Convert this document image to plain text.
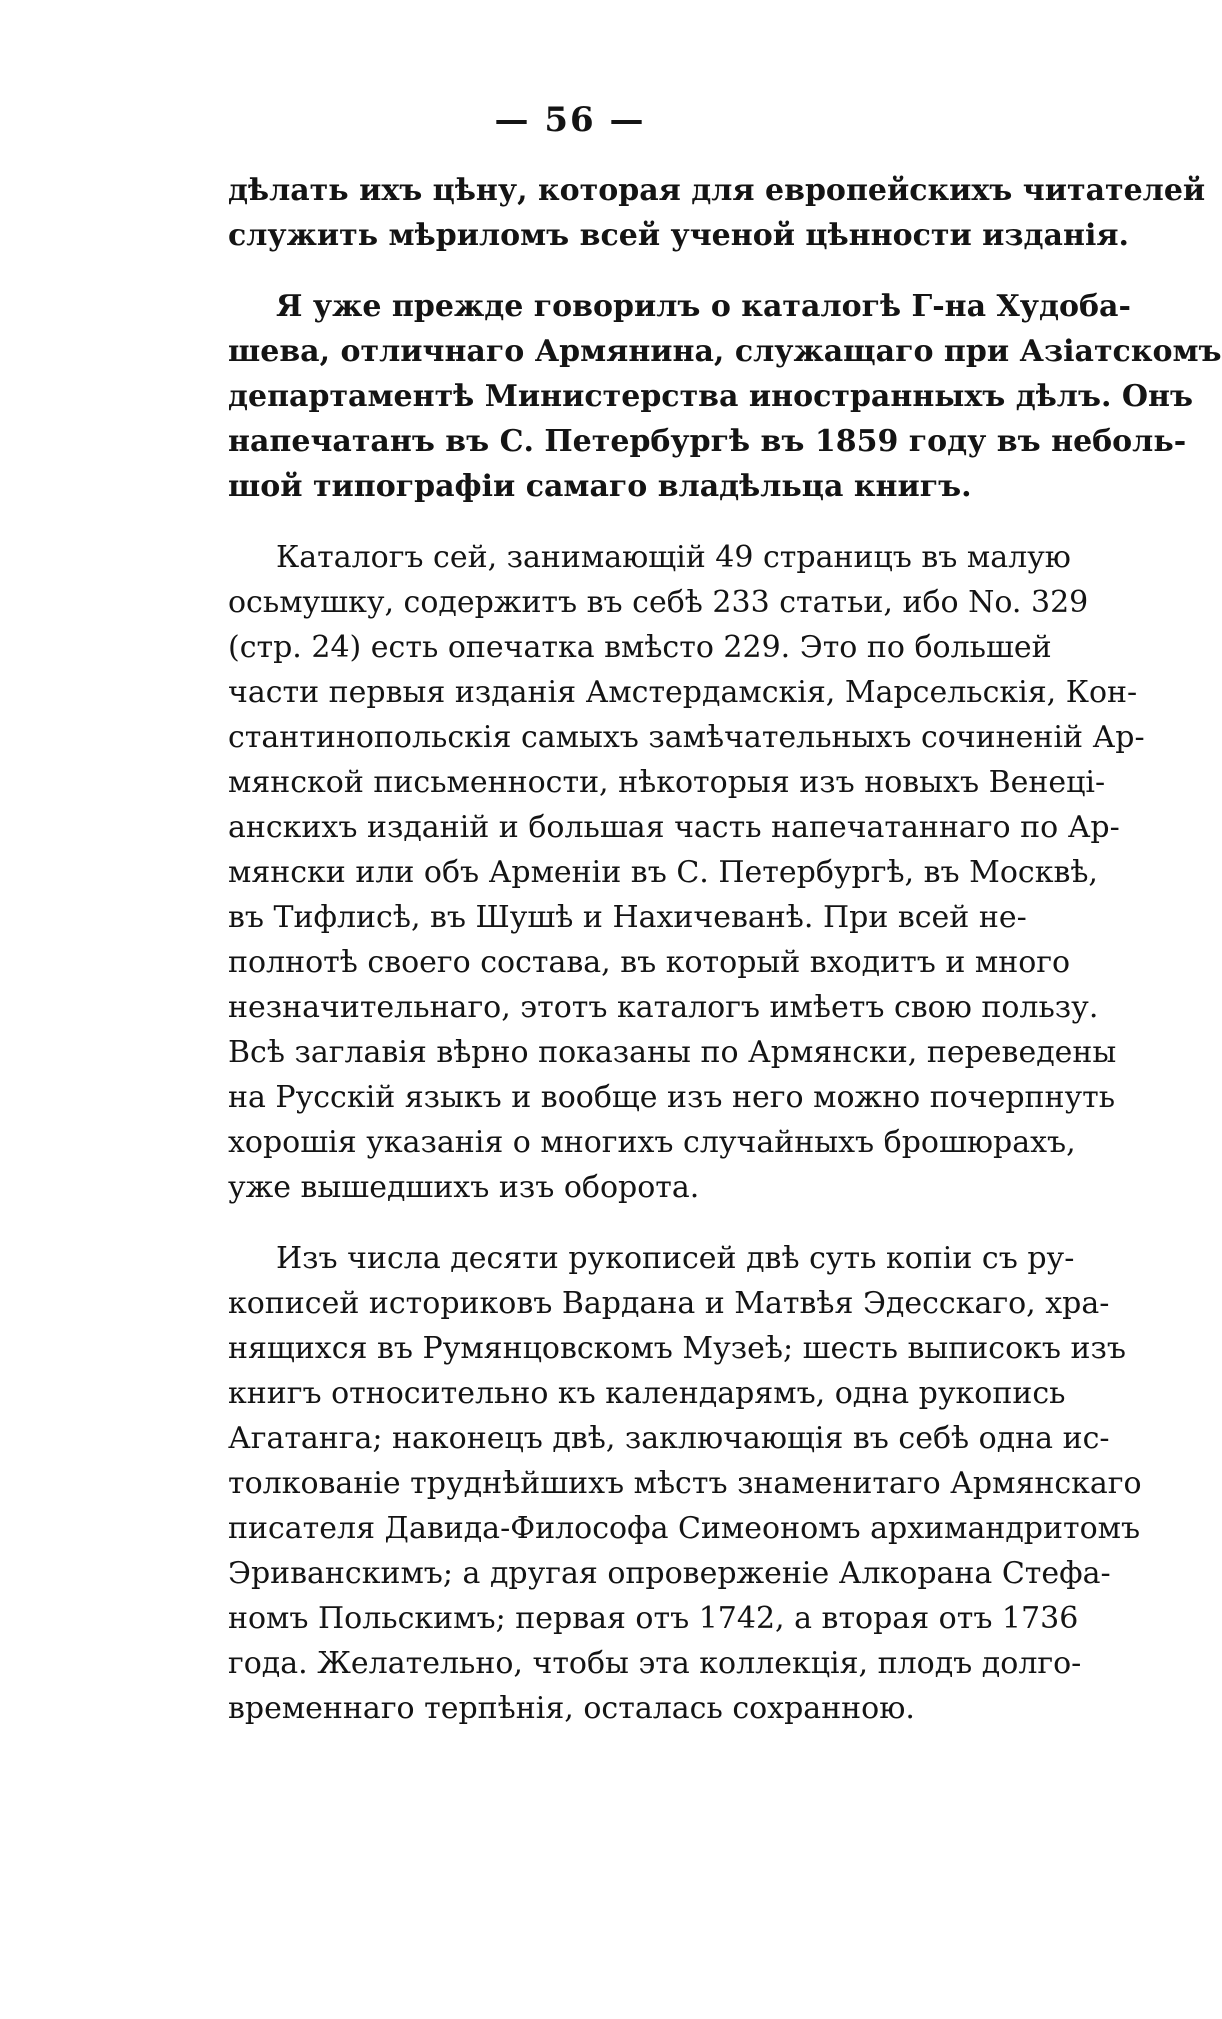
— 56 —

дѣлать ихъ цѣну, которая для европейскихъ читателей
служить мѣриломъ всей ученой цѣнности изданія.

Я уже прежде говорилъ о каталогѣ Г-на Худоба-
шева, отличнаго Армянина, служащаго при Азіатскомъ
департаментѣ Министерства иностранныхъ дѣлъ. Онъ
напечатанъ въ С. Петербургѣ въ 1859 году въ неболь-
шой типографіи самаго владѣльца книгъ.

Каталогъ сей, занимающій 49 страницъ въ малую
осьмушку, содержитъ въ себѣ 233 статьи, ибо No. 329
(стр. 24) есть опечатка вмѣсто 229. Это по большей
части первыя изданія Амстердамскія, Марсельскія, Кон-
стантинопольскія самыхъ замѣчательныхъ сочиненій Ар-
мянской письменности, нѣкоторыя изъ новыхъ Венеці-
анскихъ изданій и большая часть напечатаннаго по Ар-
мянски или объ Арменіи въ С. Петербургѣ, въ Москвѣ,
въ Тифлисѣ, въ Шушѣ и Нахичеванѣ. При всей не-
полнотѣ своего состава, въ который входитъ и много
незначительнаго, этотъ каталогъ имѣетъ свою пользу.
Всѣ заглавія вѣрно показаны по Армянски, переведены
на Русскій языкъ и вообще изъ него можно почерпнуть
хорошія указанія о многихъ случайныхъ брошюрахъ,
уже вышедшихъ изъ оборота.

Изъ числа десяти рукописей двѣ суть копіи съ ру-
кописей историковъ Вардана и Матвѣя Эдесскаго, хра-
нящихся въ Румянцовскомъ Музеѣ; шесть выписокъ изъ
книгъ относительно къ календарямъ, одна рукопись
Агатанга; наконецъ двѣ, заключающія въ себѣ одна ис-
толкованіе труднѣйшихъ мѣстъ знаменитаго Армянскаго
писателя Давида-Философа Симеономъ архимандритомъ
Эриванскимъ; а другая опроверженіе Алкорана Стефа-
номъ Польскимъ; первая отъ 1742, а вторая отъ 1736
года. Желательно, чтобы эта коллекція, плодъ долго-
временнаго терпѣнія, осталась сохранною.
